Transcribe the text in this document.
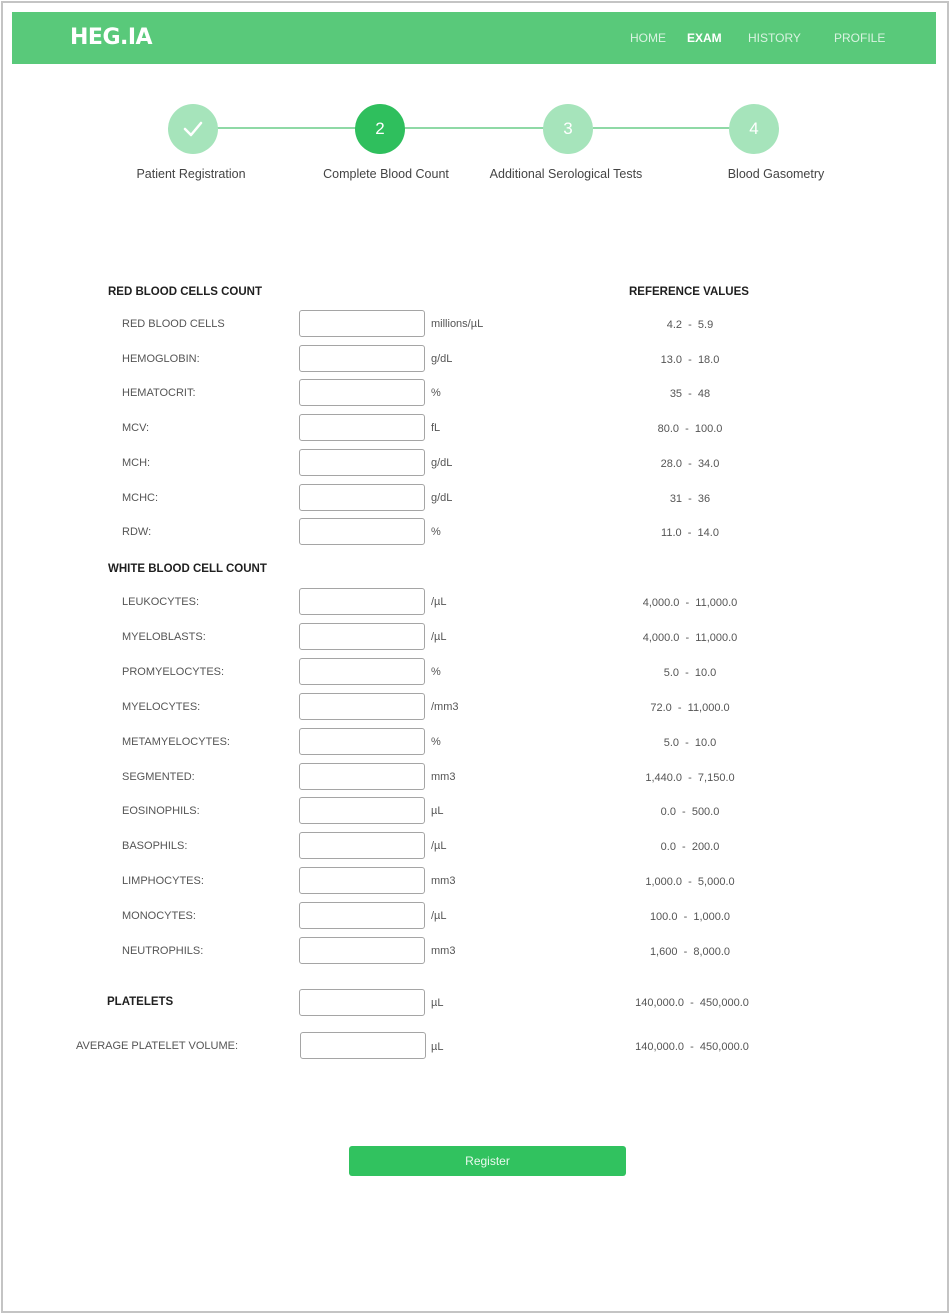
HEG.IA	HOME EXAM HISTORY	PROFILE
2	3	4
Patient Registration	Complete Blood Count	Additional Serological Tests	Blood Gasometry
RED BLOOD CELLS COUNT	REFERENCE VALUES
RED BLOOD CELLS	millions/µL	4.2  -  5.9
HEMOGLOBIN:	g/dL	13.0  -  18.0
HEMATOCRIT:	%	35  -  48
MCV:	fL	80.0  -  100.0
MCH:	g/dL	28.0  -  34.0
MCHC:	g/dL	31  -  36
RDW:	%	11.0  -  14.0
WHITE BLOOD CELL COUNT
LEUKOCYTES:	/µL	4,000.0  -  11,000.0
MYELOBLASTS:	/µL	4,000.0  -  11,000.0
PROMYELOCYTES:	%	5.0  -  10.0
MYELOCYTES:	/mm3	72.0  -  11,000.0
METAMYELOCYTES:	%	5.0  -  10.0
SEGMENTED:	mm3	1,440.0  -  7,150.0
EOSINOPHILS:	µL	0.0  -  500.0
BASOPHILS:	/µL	0.0  -  200.0
LIMPHOCYTES:	mm3	1,000.0  -  5,000.0
MONOCYTES:	/µL	100.0  -  1,000.0
NEUTROPHILS:	mm3	1,600  -  8,000.0
PLATELETS	µL	140,000.0  -  450,000.0
AVERAGE PLATELET VOLUME:	µL	140,000.0  -  450,000.0
Register
